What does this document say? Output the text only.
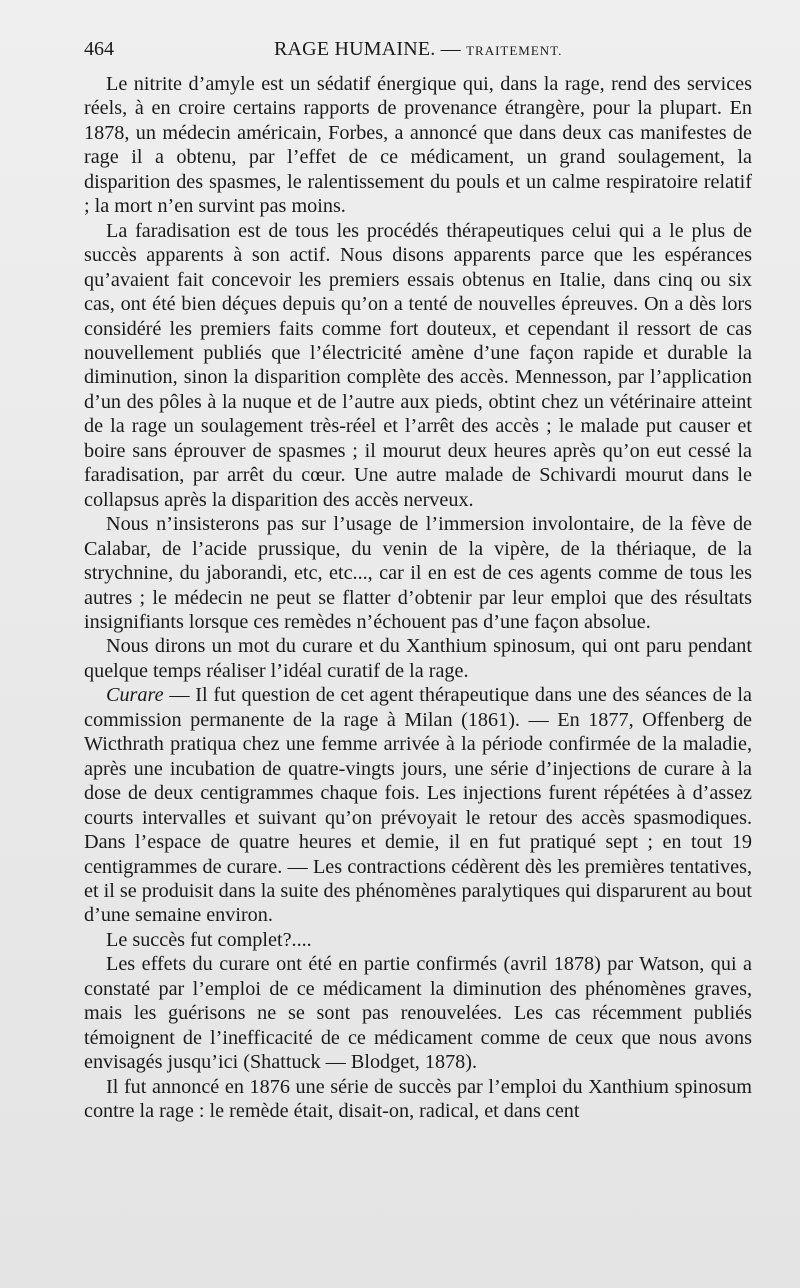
464	RAGE HUMAINE. — TRAITEMENT.

Le nitrite d’amyle est un sédatif énergique qui, dans la rage, rend des services réels, à en croire certains rapports de provenance étrangère, pour la plupart. En 1878, un médecin américain, Forbes, a annoncé que dans deux cas manifestes de rage il a obtenu, par l’effet de ce médicament, un grand soulagement, la disparition des spasmes, le ralentissement du pouls et un calme respiratoire relatif ; la mort n’en survint pas moins.

La faradisation est de tous les procédés thérapeutiques celui qui a le plus de succès apparents à son actif. Nous disons apparents parce que les espérances qu’avaient fait concevoir les premiers essais obtenus en Italie, dans cinq ou six cas, ont été bien déçues depuis qu’on a tenté de nouvelles épreuves. On a dès lors considéré les premiers faits comme fort douteux, et cependant il ressort de cas nouvellement publiés que l’électricité amène d’une façon rapide et durable la diminution, sinon la disparition complète des accès. Mennesson, par l’application d’un des pôles à la nuque et de l’autre aux pieds, obtint chez un vétérinaire atteint de la rage un soulagement très-réel et l’arrêt des accès ; le malade put causer et boire sans éprouver de spasmes ; il mourut deux heures après qu’on eut cessé la faradisation, par arrêt du cœur. Une autre malade de Schivardi mourut dans le collapsus après la disparition des accès nerveux.

Nous n’insisterons pas sur l’usage de l’immersion involontaire, de la fève de Calabar, de l’acide prussique, du venin de la vipère, de la thériaque, de la strychnine, du jaborandi, etc, etc..., car il en est de ces agents comme de tous les autres ; le médecin ne peut se flatter d’obtenir par leur emploi que des résultats insignifiants lorsque ces remèdes n’échouent pas d’une façon absolue.

Nous dirons un mot du curare et du Xanthium spinosum, qui ont paru pendant quelque temps réaliser l’idéal curatif de la rage.

Curare — Il fut question de cet agent thérapeutique dans une des séances de la commission permanente de la rage à Milan (1861). — En 1877, Offenberg de Wicthrath pratiqua chez une femme arrivée à la période confirmée de la maladie, après une incubation de quatre-vingts jours, une série d’injections de curare à la dose de deux centigrammes chaque fois. Les injections furent répétées à d’assez courts intervalles et suivant qu’on prévoyait le retour des accès spasmodiques. Dans l’espace de quatre heures et demie, il en fut pratiqué sept ; en tout 19 centigrammes de curare. — Les contractions cédèrent dès les premières tentatives, et il se produisit dans la suite des phénomènes paralytiques qui disparurent au bout d’une semaine environ.

Le succès fut complet?....

Les effets du curare ont été en partie confirmés (avril 1878) par Watson, qui a constaté par l’emploi de ce médicament la diminution des phénomènes graves, mais les guérisons ne se sont pas renouvelées. Les cas récemment publiés témoignent de l’inefficacité de ce médicament comme de ceux que nous avons envisagés jusqu’ici (Shattuck — Blodget, 1878).

Il fut annoncé en 1876 une série de succès par l’emploi du Xanthium spinosum contre la rage : le remède était, disait-on, radical, et dans cent
